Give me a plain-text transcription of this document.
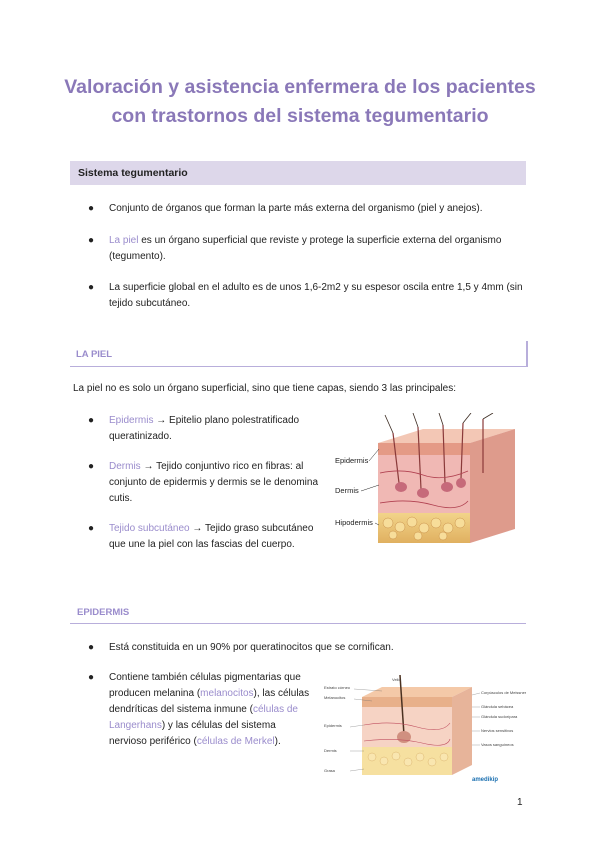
Valoración y asistencia enfermera de los pacientes con trastornos del sistema tegumentario
Sistema tegumentario
● Conjunto de órganos que forman la parte más externa del organismo (piel y anejos).
● La piel es un órgano superficial que reviste y protege la superficie externa del organismo (tegumento).
● La superficie global en el adulto es de unos 1,6-2m2 y su espesor oscila entre 1,5 y 4mm (sin tejido subcutáneo.
LA PIEL
La piel no es solo un órgano superficial, sino que tiene capas, siendo 3 las principales:
● Epidermis → Epitelio plano polestratificado queratinizado.
● Dermis → Tejido conjuntivo rico en fibras: al conjunto de epidermis y dermis se le denomina cutis.
● Tejido subcutáneo → Tejido graso subcutáneo que une la piel con las fascias del cuerpo.
Epidermis
Dermis
Hipodermis
EPIDERMIS
● Está constituida en un 90% por queratinocitos que se cornifican.
● Contiene también células pigmentarias que producen melanina (melanocitos), las células dendríticas del sistema inmune (células de Langerhans) y las células del sistema nervioso periférico (células de Merkel).
Estrato córneo
Melanocitos
Epidermis
Dermis
Grasa
Vello
Corpúsculos de Meissner
Glándula sebácea
Glándula sudorípara
Nervios sensitivos
Vasos sanguíneos
amedikip
1
